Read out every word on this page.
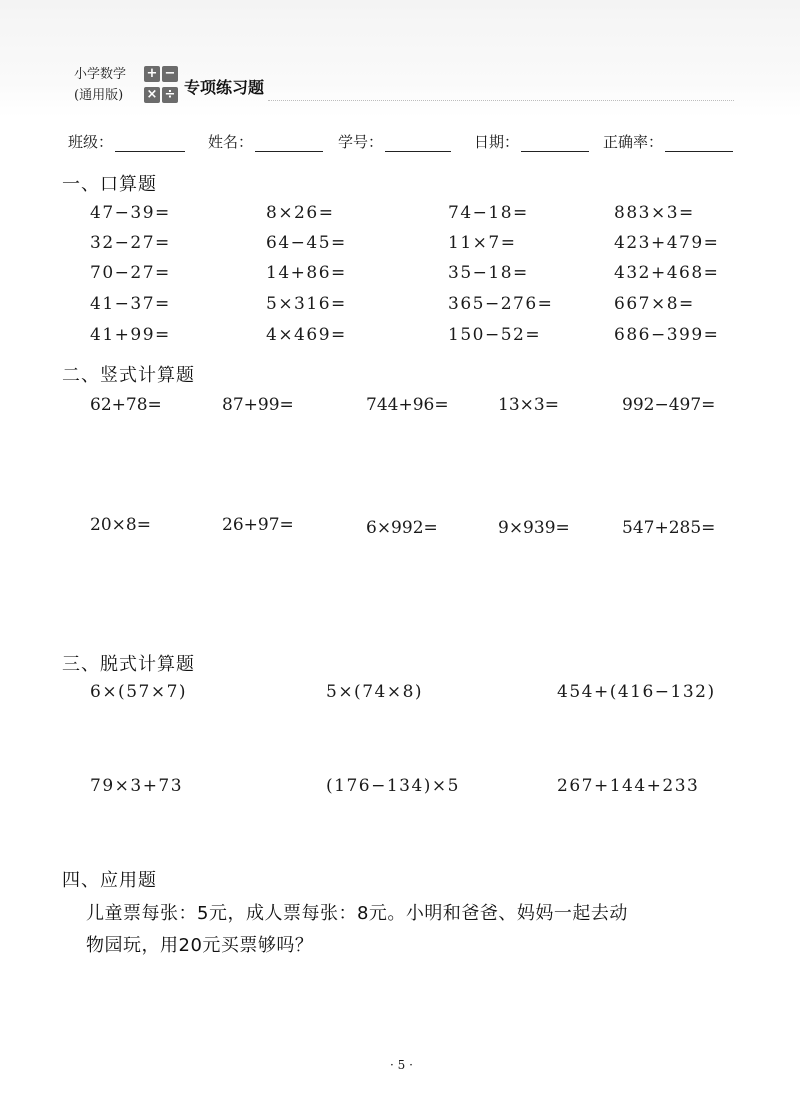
小学数学
(通用版)
+ −
× ÷ 专项练习题
班级：	姓名：	学号：	日期：	正确率：
一、口算题
47−39=	8×26=	74−18=	883×3=
32−27=	64−45=	11×7=	423+479=
70−27=	14+86=	35−18=	432+468=
41−37=	5×316=	365−276=	667×8=
41+99=	4×469=	150−52=	686−399=
二、竖式计算题
62+78=	87+99=	744+96=	13×3=	992−497=
20×8=	26+97=	6×992=	9×939=	547+285=
三、脱式计算题
6×(57×7)	5×(74×8)	454+(416−132)
79×3+73	(176−134)×5	267+144+233
四、应用题
儿童票每张：5元，成人票每张：8元。小明和爸爸、妈妈一起去动
物园玩，用20元买票够吗？
· 5 ·
